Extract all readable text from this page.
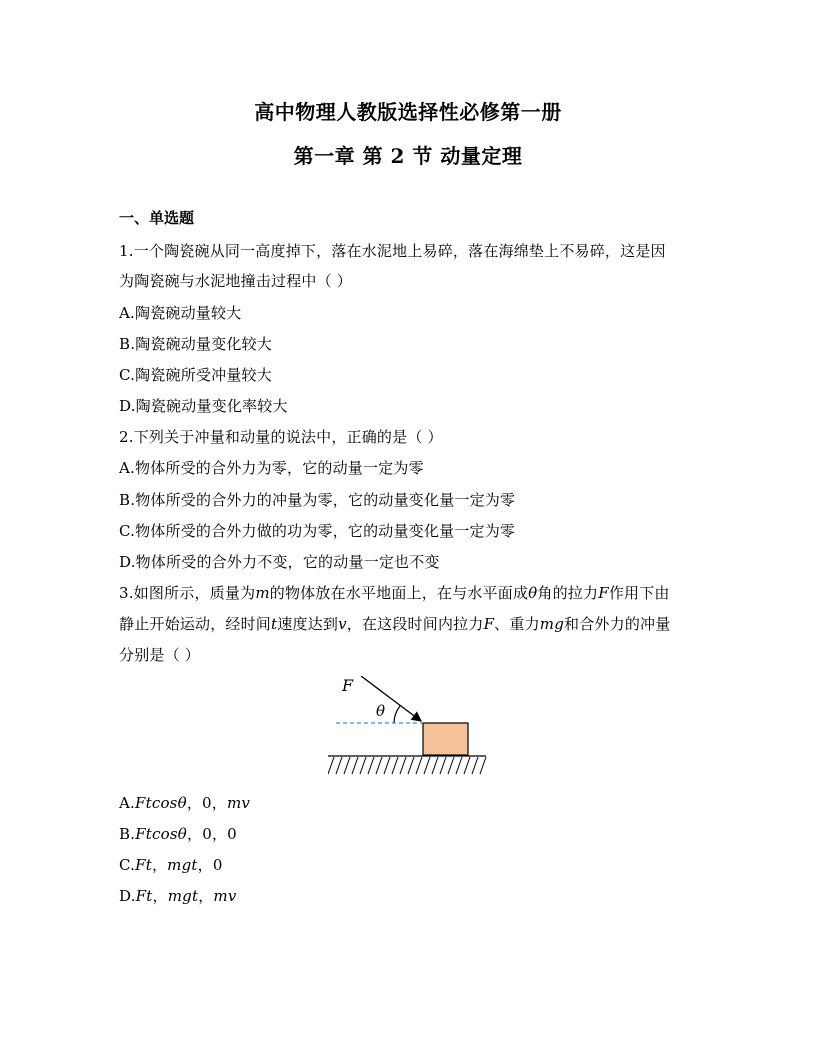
高中物理人教版选择性必修第一册
第一章 第 2 节 动量定理
一、单选题
1.一个陶瓷碗从同一高度掉下，落在水泥地上易碎，落在海绵垫上不易碎，这是因
为陶瓷碗与水泥地撞击过程中（ ）
A.陶瓷碗动量较大
B.陶瓷碗动量变化较大
C.陶瓷碗所受冲量较大
D.陶瓷碗动量变化率较大
2.下列关于冲量和动量的说法中，正确的是（ ）
A.物体所受的合外力为零，它的动量一定为零
B.物体所受的合外力的冲量为零，它的动量变化量一定为零
C.物体所受的合外力做的功为零，它的动量变化量一定为零
D.物体所受的合外力不变，它的动量一定也不变
3.如图所示，质量为m的物体放在水平地面上，在与水平面成θ角的拉力F作用下由
静止开始运动，经时间t速度达到v，在这段时间内拉力F、重力mg和合外力的冲量
分别是（ ）
F
θ
A.Ftcosθ，0，mv
B.Ftcosθ，0，0
C.Ft，mgt，0
D.Ft，mgt，mv
